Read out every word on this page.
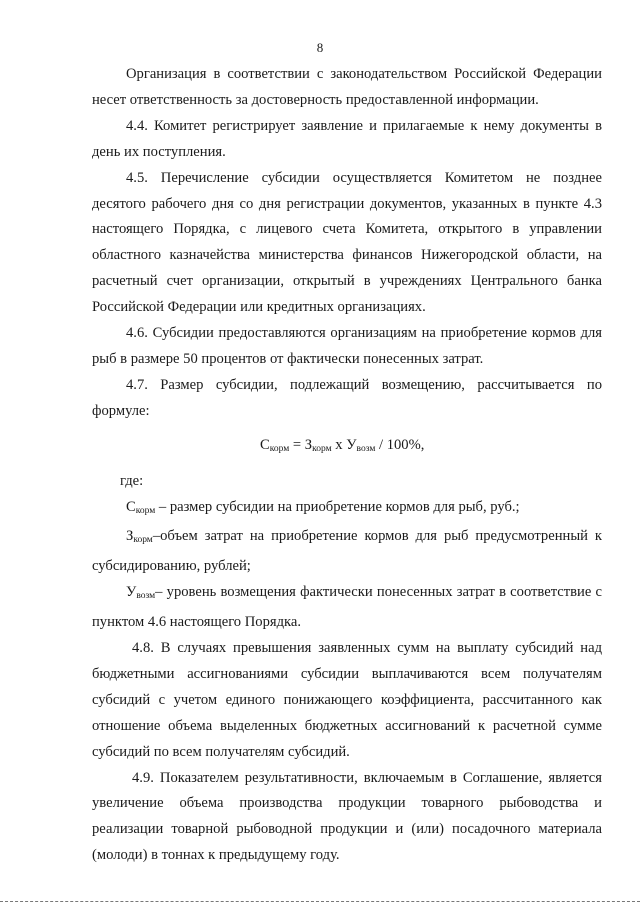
8

Организация в соответствии с законодательством Российской Федерации несет ответственность за достоверность предоставленной информации.

4.4. Комитет регистрирует заявление и прилагаемые к нему документы в день их поступления.

4.5. Перечисление субсидии осуществляется Комитетом не позднее десятого рабочего дня со дня регистрации документов, указанных в пункте 4.3 настоящего Порядка, с лицевого счета Комитета, открытого в управлении областного казначейства министерства финансов Нижегородской области, на расчетный счет организации, открытый в учреждениях Центрального банка Российской Федерации или кредитных организациях.

4.6. Субсидии предоставляются организациям на приобретение кормов для рыб в размере 50 процентов от фактически понесенных затрат.

4.7. Размер субсидии, подлежащий возмещению, рассчитывается по формуле:

Скорм = Зкорм х Увозм / 100%,

где:

Скорм – размер субсидии на приобретение кормов для рыб, руб.;

Зкорм–объем затрат на приобретение кормов для рыб предусмотренный к субсидированию, рублей;

Увозм– уровень возмещения фактически понесенных затрат в соответствие с пунктом 4.6 настоящего Порядка.

4.8. В случаях превышения заявленных сумм на выплату субсидий над бюджетными ассигнованиями субсидии выплачиваются всем получателям субсидий с учетом единого понижающего коэффициента, рассчитанного как отношение объема выделенных бюджетных ассигнований к расчетной сумме субсидий по всем получателям субсидий.

4.9. Показателем результативности, включаемым в Соглашение, является увеличение объема производства продукции товарного рыбоводства и реализации товарной рыбоводной продукции и (или) посадочного материала (молоди) в тоннах к предыдущему году.
